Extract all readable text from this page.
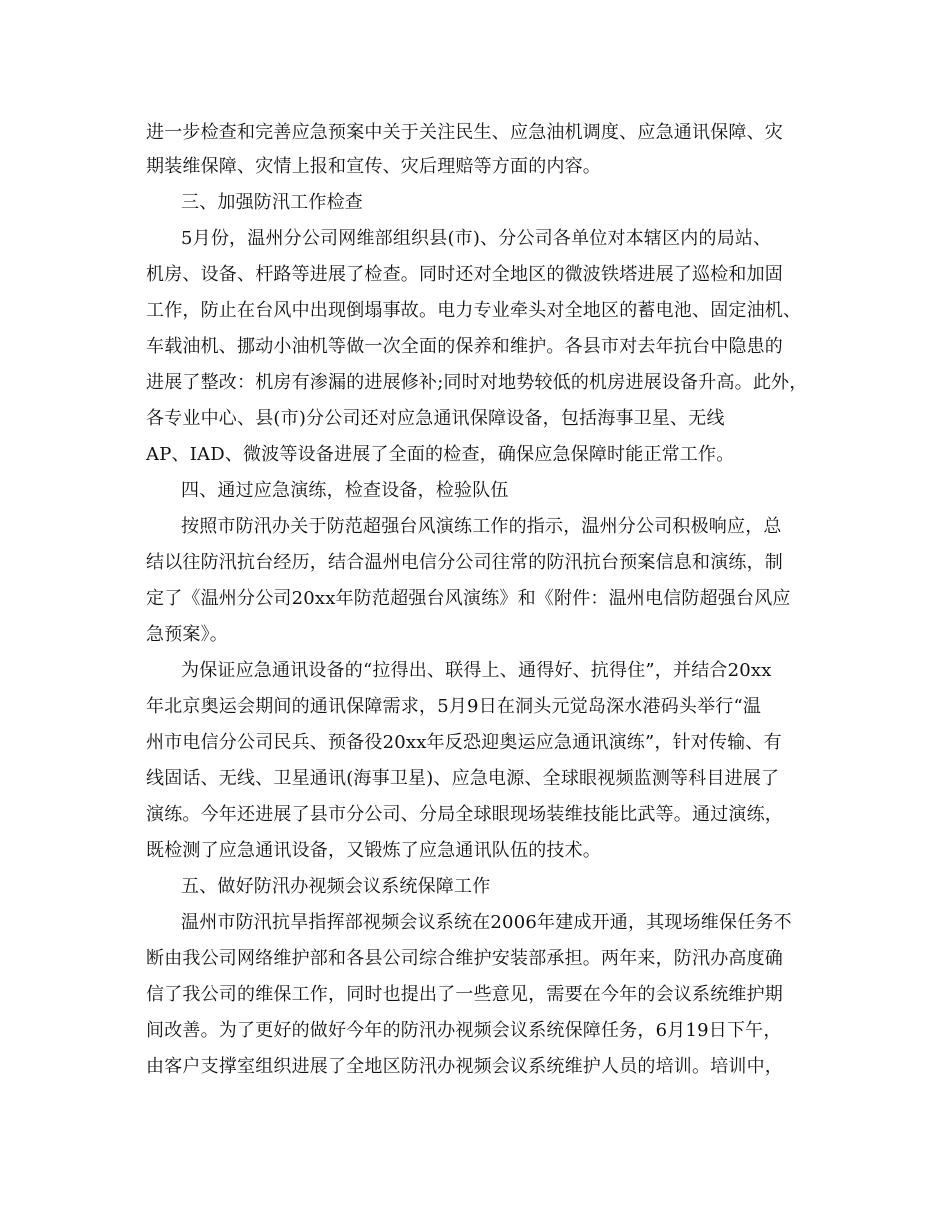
进一步检查和完善应急预案中关于关注民生、应急油机调度、应急通讯保障、灾
期装维保障、灾情上报和宣传、灾后理赔等方面的内容。
三、加强防汛工作检查
5月份，温州分公司网维部组织县(市)、分公司各单位对本辖区内的局站、
机房、设备、杆路等进展了检查。同时还对全地区的微波铁塔进展了巡检和加固
工作，防止在台风中出现倒塌事故。电力专业牵头对全地区的蓄电池、固定油机、
车载油机、挪动小油机等做一次全面的保养和维护。各县市对去年抗台中隐患的
进展了整改：机房有渗漏的进展修补;同时对地势较低的机房进展设备升高。此外，
各专业中心、县(市)分公司还对应急通讯保障设备，包括海事卫星、无线
AP、IAD、微波等设备进展了全面的检查，确保应急保障时能正常工作。
四、通过应急演练，检查设备，检验队伍
按照市防汛办关于防范超强台风演练工作的指示，温州分公司积极响应，总
结以往防汛抗台经历，结合温州电信分公司往常的防汛抗台预案信息和演练，制
定了《温州分公司20xx年防范超强台风演练》和《附件：温州电信防超强台风应
急预案》。
为保证应急通讯设备的“拉得出、联得上、通得好、抗得住”，并结合20xx
年北京奥运会期间的通讯保障需求，5月9日在洞头元觉岛深水港码头举行“温
州市电信分公司民兵、预备役20xx年反恐迎奥运应急通讯演练”，针对传输、有
线固话、无线、卫星通讯(海事卫星)、应急电源、全球眼视频监测等科目进展了
演练。今年还进展了县市分公司、分局全球眼现场装维技能比武等。通过演练，
既检测了应急通讯设备，又锻炼了应急通讯队伍的技术。
五、做好防汛办视频会议系统保障工作
温州市防汛抗旱指挥部视频会议系统在2006年建成开通，其现场维保任务不
断由我公司网络维护部和各县公司综合维护安装部承担。两年来，防汛办高度确
信了我公司的维保工作，同时也提出了一些意见，需要在今年的会议系统维护期
间改善。为了更好的做好今年的防汛办视频会议系统保障任务，6月19日下午，
由客户支撑室组织进展了全地区防汛办视频会议系统维护人员的培训。培训中，
